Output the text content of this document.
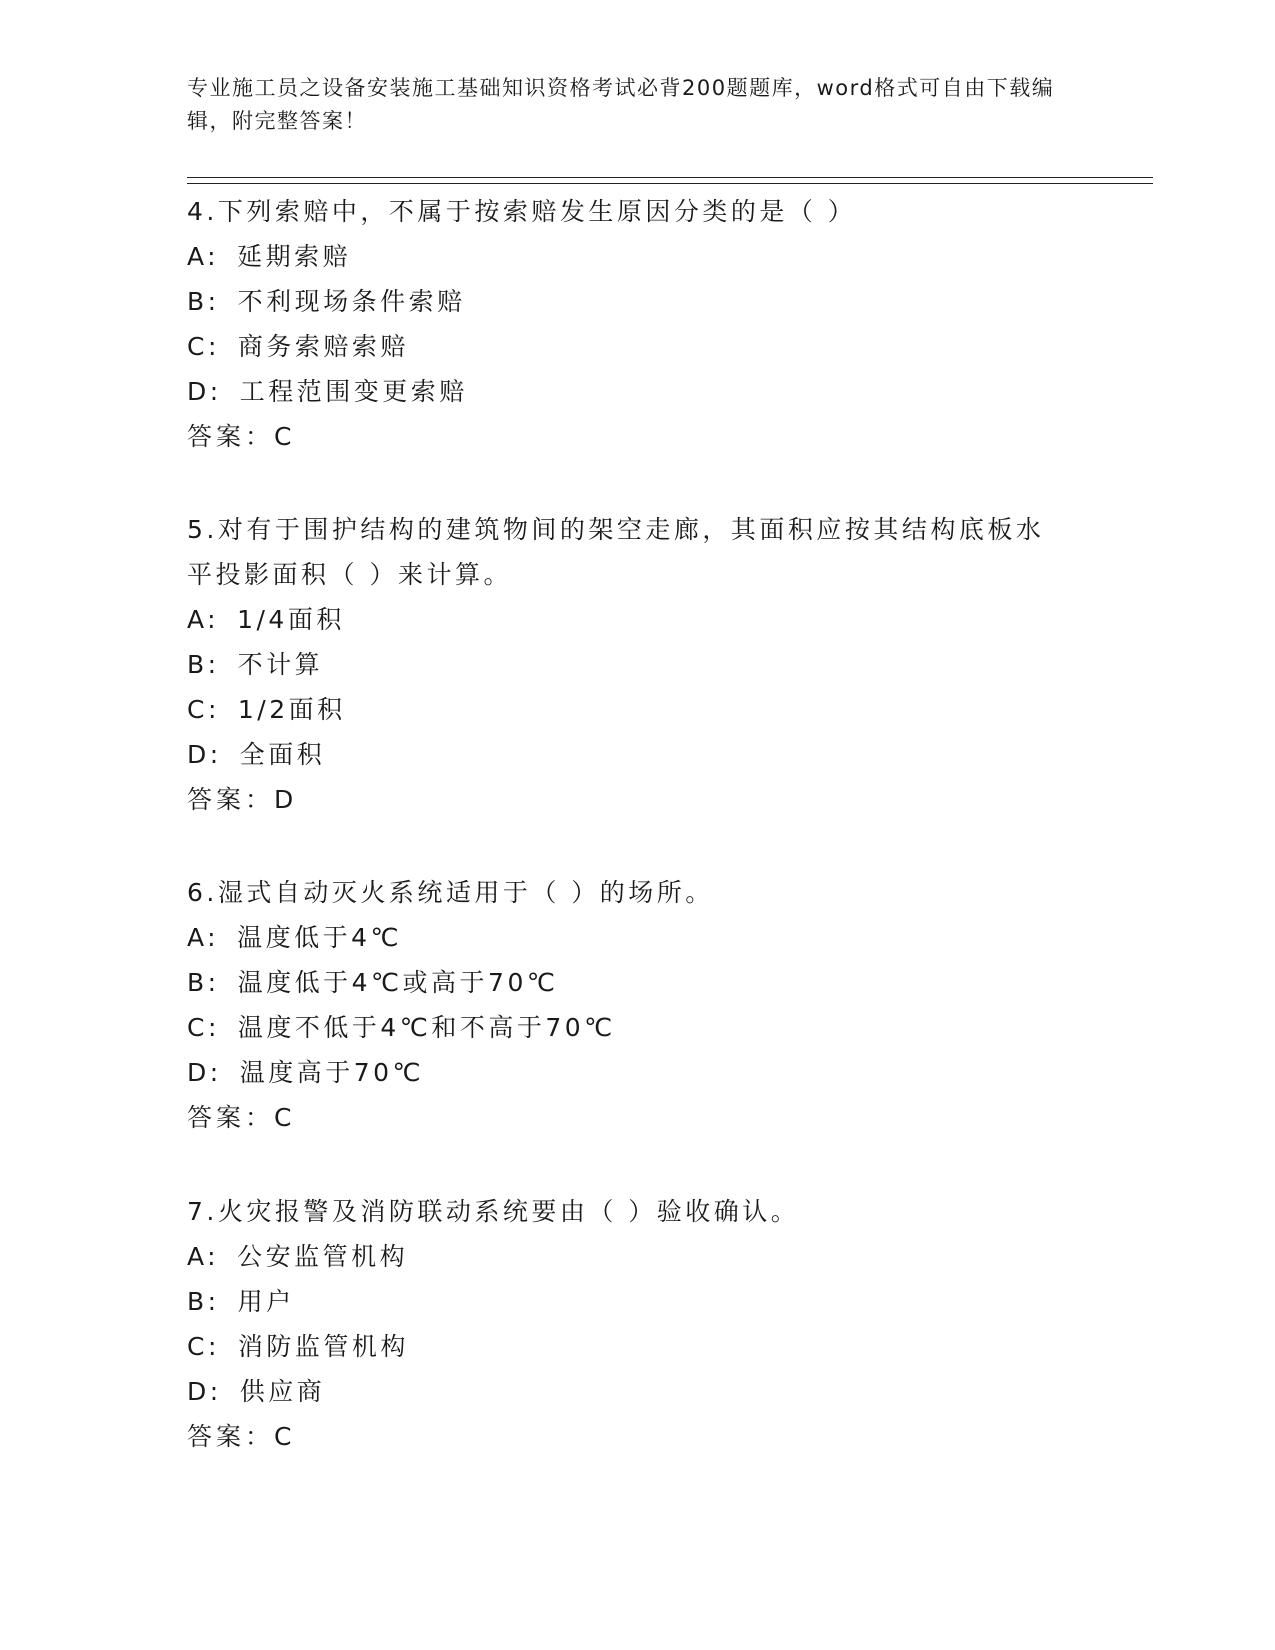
专业施工员之设备安装施工基础知识资格考试必背200题题库，word格式可自由下载编辑，附完整答案！
4.下列索赔中，不属于按索赔发生原因分类的是（ ）
A: 延期索赔
B: 不利现场条件索赔
C: 商务索赔索赔
D: 工程范围变更索赔
答案：C
5.对有于围护结构的建筑物间的架空走廊，其面积应按其结构底板水平投影面积（ ）来计算。
A: 1/4面积
B: 不计算
C: 1/2面积
D: 全面积
答案：D
6.湿式自动灭火系统适用于（ ）的场所。
A: 温度低于4℃
B: 温度低于4℃或高于70℃
C: 温度不低于4℃和不高于70℃
D: 温度高于70℃
答案：C
7.火灾报警及消防联动系统要由（ ）验收确认。
A: 公安监管机构
B: 用户
C: 消防监管机构
D: 供应商
答案：C
